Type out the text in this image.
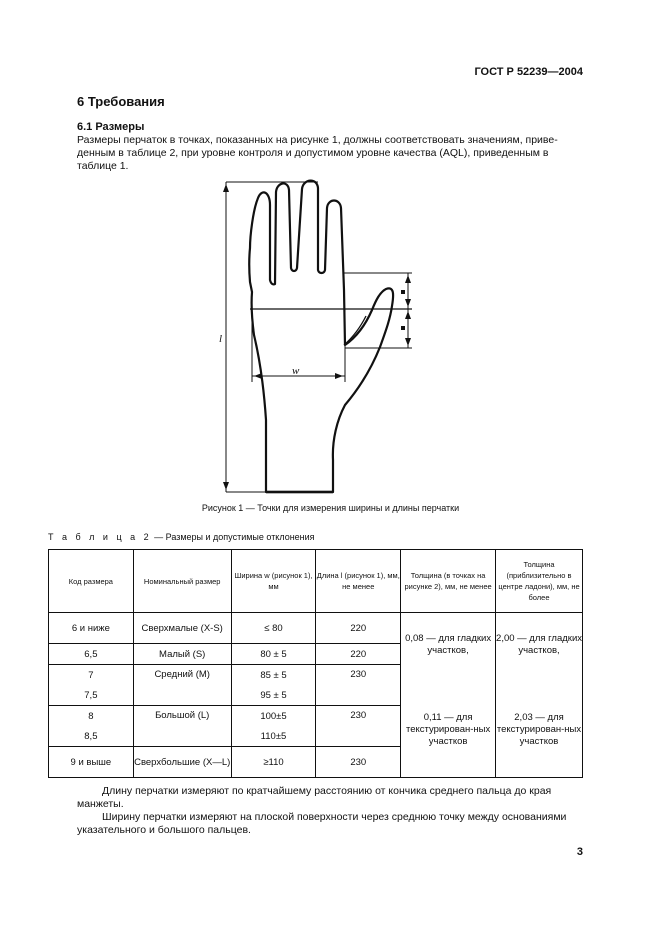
ГОСТ Р 52239—2004
6 Требования
6.1 Размеры
Размеры перчаток в точках, показанных на рисунке 1, должны соответствовать значениям, приве-
денным в таблице 2, при уровне контроля и допустимом уровне качества (AQL), приведенным в
таблице 1.
l
w
Рисунок 1 — Точки для измерения ширины и длины перчатки
Т а б л и ц а 2 — Размеры и допустимые отклонения
Код размера	Номинальный размер	Ширина w (рисунок 1), мм	Длина l (рисунок 1), мм, не менее	Толщина (в точках на рисунке 2), мм, не менее	Толщина (приблизительно в центре ладони), мм, не более
6 и ниже	Сверхмалые (X-S)	≤ 80	220	0,08 — для гладких участков,	2,00 — для гладких участков,
6,5	Малый (S)	80 ± 5	220		
7	Средний (М)	85 ± 5	230		
7,5		95 ± 5			
8	Большой (L)	100±5	230	0,11 — для текстурирован-ных участков	2,03 — для текстурирован-ных участков
8,5		110±5			
9 и выше	Сверхбольшие (X—L)	≥110	230		
Длину перчатки измеряют по кратчайшему расстоянию от кончика среднего пальца до края
манжеты.
Ширину перчатки измеряют на плоской поверхности через среднюю точку между основаниями
указательного и большого пальцев.
3
